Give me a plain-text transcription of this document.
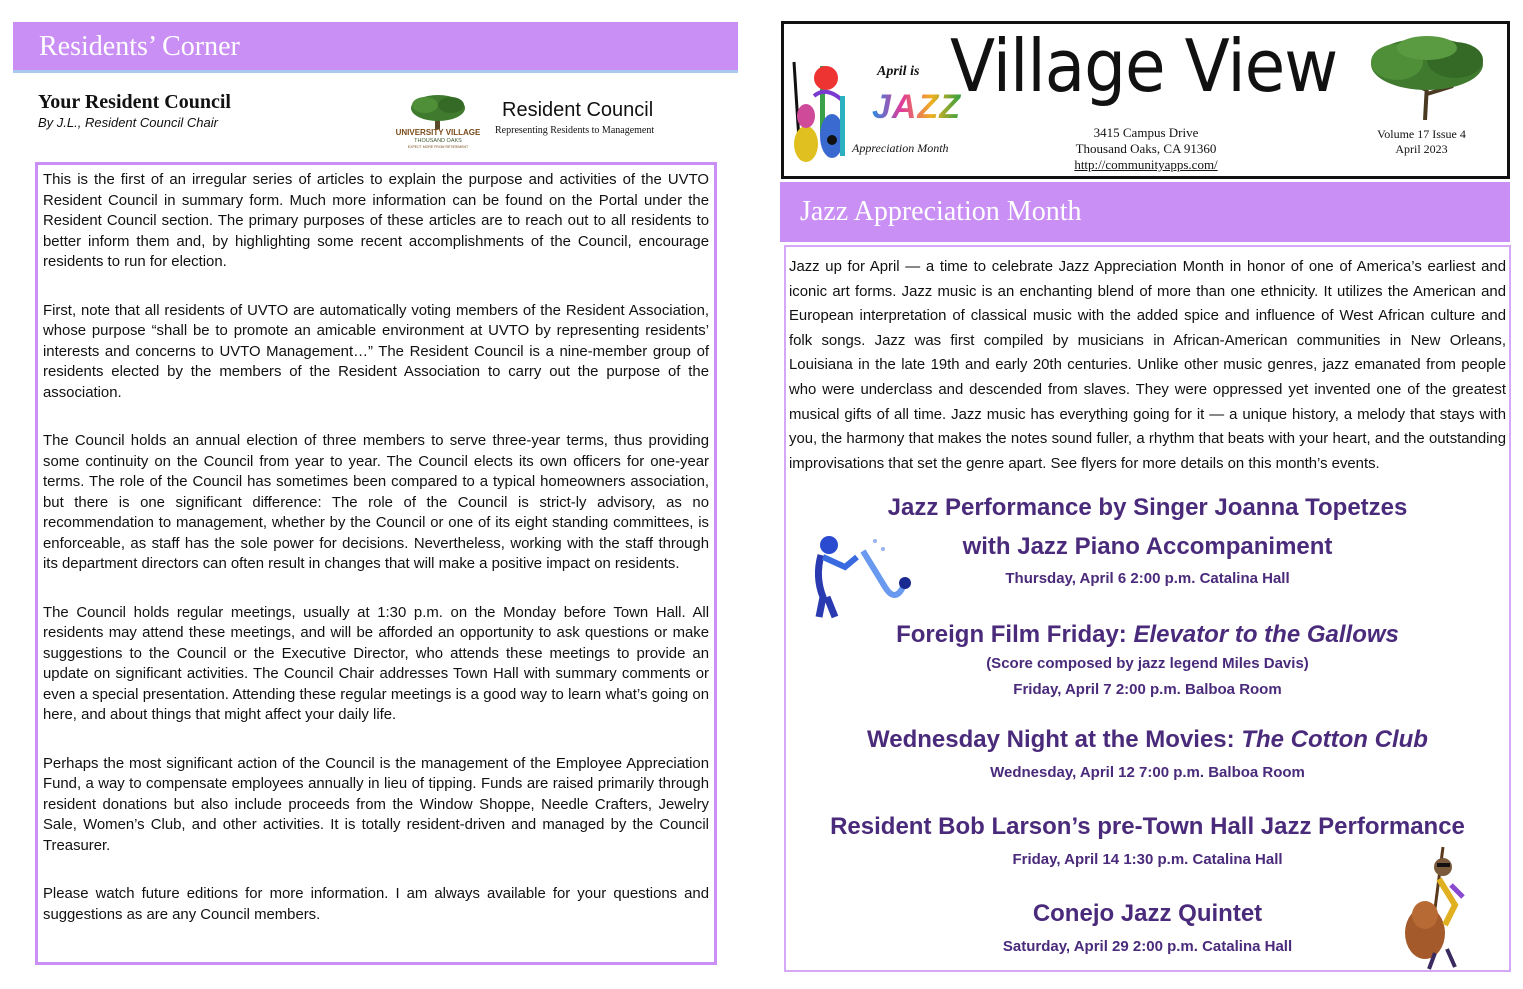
Residents’ Corner
Your Resident Council
By J.L., Resident Council Chair
UNIVERSITY VILLAGE
THOUSAND OAKS
EXPECT MORE FROM RETIREMENT
Resident Council
Representing Residents to Management

This is the first of an irregular series of articles to explain the purpose and activities of the UVTO Resident Council in summary form. Much more information can be found on the Portal under the Resident Council section. The primary purposes of these articles are to reach out to all residents to better inform them and, by highlighting some recent accomplishments of the Council, encourage residents to run for election.

First, note that all residents of UVTO are automatically voting members of the Resident Association, whose purpose “shall be to promote an amicable environment at UVTO by representing residents’ interests and concerns to UVTO Management…” The Resident Council is a nine-member group of residents elected by the members of the Resident Association to carry out the purpose of the association.

The Council holds an annual election of three members to serve three-year terms, thus providing some continuity on the Council from year to year. The Council elects its own officers for one-year terms. The role of the Council has sometimes been compared to a typical homeowners association, but there is one significant difference: The role of the Council is strict-ly advisory, as no recommendation to management, whether by the Council or one of its eight standing committees, is enforceable, as staff has the sole power for decisions. Nevertheless, working with the staff through its department directors can often result in changes that will make a positive impact on residents.

The Council holds regular meetings, usually at 1:30 p.m. on the Monday before Town Hall. All residents may attend these meetings, and will be afforded an opportunity to ask questions or make suggestions to the Council or the Executive Director, who attends these meetings to provide an update on significant activities. The Council Chair addresses Town Hall with summary comments or even a special presentation. Attending these regular meetings is a good way to learn what’s going on here, and about things that might affect your daily life.

Perhaps the most significant action of the Council is the management of the Employee Appreciation Fund, a way to compensate employees annually in lieu of tipping. Funds are raised primarily through resident donations but also include proceeds from the Window Shoppe, Needle Crafters, Jewelry Sale, Women’s Club, and other activities. It is totally resident-driven and managed by the Council Treasurer.

Please watch future editions for more information. I am always available for your questions and suggestions as are any Council members.

April is
JAZZ
Appreciation Month
Village View
3415 Campus Drive
Thousand Oaks, CA 91360
http://communityapps.com/
Volume 17 Issue 4
April 2023
Jazz Appreciation Month

Jazz up for April — a time to celebrate Jazz Appreciation Month in honor of one of America’s earliest and iconic art forms. Jazz music is an enchanting blend of more than one ethnicity. It utilizes the American and European interpretation of classical music with the added spice and influence of West African culture and folk songs. Jazz was first compiled by musicians in African-American communities in New Orleans, Louisiana in the late 19th and early 20th centuries. Unlike other music genres, jazz emanated from people who were underclass and descended from slaves. They were oppressed yet invented one of the greatest musical gifts of all time. Jazz music has everything going for it — a unique history, a melody that stays with you, the harmony that makes the notes sound fuller, a rhythm that beats with your heart, and the outstanding improvisations that set the genre apart. See flyers for more details on this month’s events.

Jazz Performance by Singer Joanna Topetzes
with Jazz Piano Accompaniment
Thursday, April 6 2:00 p.m. Catalina Hall
Foreign Film Friday: Elevator to the Gallows
(Score composed by jazz legend Miles Davis)
Friday, April 7 2:00 p.m. Balboa Room
Wednesday Night at the Movies: The Cotton Club
Wednesday, April 12 7:00 p.m. Balboa Room
Resident Bob Larson’s pre-Town Hall Jazz Performance
Friday, April 14 1:30 p.m. Catalina Hall
Conejo Jazz Quintet
Saturday, April 29 2:00 p.m. Catalina Hall
